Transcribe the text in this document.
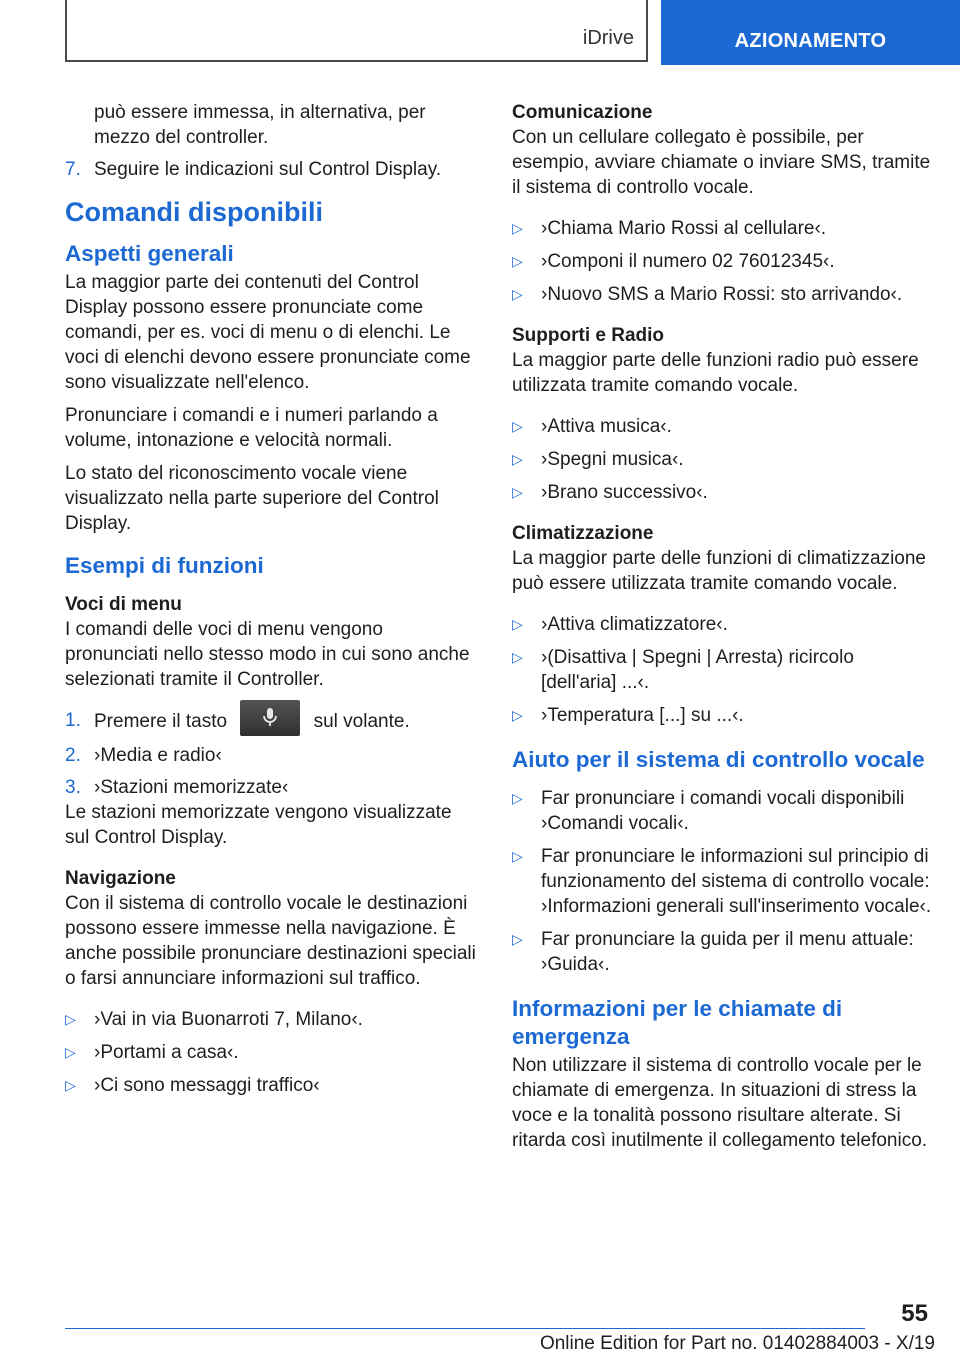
iDrive	AZIONAMENTO
può essere immessa, in alternativa, per mezzo del controller.
7. Seguire le indicazioni sul Control Display.
Comandi disponibili
Aspetti generali

La maggior parte dei contenuti del Control Display possono essere pronunciate come comandi, per es. voci di menu o di elenchi. Le voci di elenchi devono essere pronunciate come sono visualizzate nell'elenco.

Pronunciare i comandi e i numeri parlando a volume, intonazione e velocità normali.

Lo stato del riconoscimento vocale viene visualizzato nella parte superiore del Control Display.

Esempi di funzioni
Voci di menu

I comandi delle voci di menu vengono pronunciati nello stesso modo in cui sono anche selezionati tramite il Controller.

1. Premere il tasto	sul volante.
2. ›Media e radio‹
3. ›Stazioni memorizzate‹

Le stazioni memorizzate vengono visualizzate sul Control Display.

Navigazione

Con il sistema di controllo vocale le destinazioni possono essere immesse nella navigazione. È anche possibile pronunciare destinazioni speciali o farsi annunciare informazioni sul traffico.

▷ ›Vai in via Buonarroti 7, Milano‹.
▷ ›Portami a casa‹.
▷ ›Ci sono messaggi traffico‹
Comunicazione

Con un cellulare collegato è possibile, per esempio, avviare chiamate o inviare SMS, tramite il sistema di controllo vocale.

▷ ›Chiama Mario Rossi al cellulare‹.
▷ ›Componi il numero 02 76012345‹.
▷ ›Nuovo SMS a Mario Rossi: sto arrivando‹.
Supporti e Radio

La maggior parte delle funzioni radio può essere utilizzata tramite comando vocale.

▷ ›Attiva musica‹.
▷ ›Spegni musica‹.
▷ ›Brano successivo‹.
Climatizzazione

La maggior parte delle funzioni di climatizzazione può essere utilizzata tramite comando vocale.

▷ ›Attiva climatizzatore‹.
▷ ›(Disattiva | Spegni | Arresta) ricircolo [dell'aria] ...‹.
▷ ›Temperatura [...] su ...‹.
Aiuto per il sistema di controllo vocale
▷ Far pronunciare i comandi vocali disponibili ›Comandi vocali‹.
▷ Far pronunciare le informazioni sul principio di funzionamento del sistema di controllo vocale: ›Informazioni generali sull'inserimento vocale‹.
▷ Far pronunciare la guida per il menu attuale: ›Guida‹.
Informazioni per le chiamate di emergenza

Non utilizzare il sistema di controllo vocale per le chiamate di emergenza. In situazioni di stress la voce e la tonalità possono risultare alterate. Si ritarda così inutilmente il collegamento telefonico.

55
Online Edition for Part no. 01402884003 - X/19
